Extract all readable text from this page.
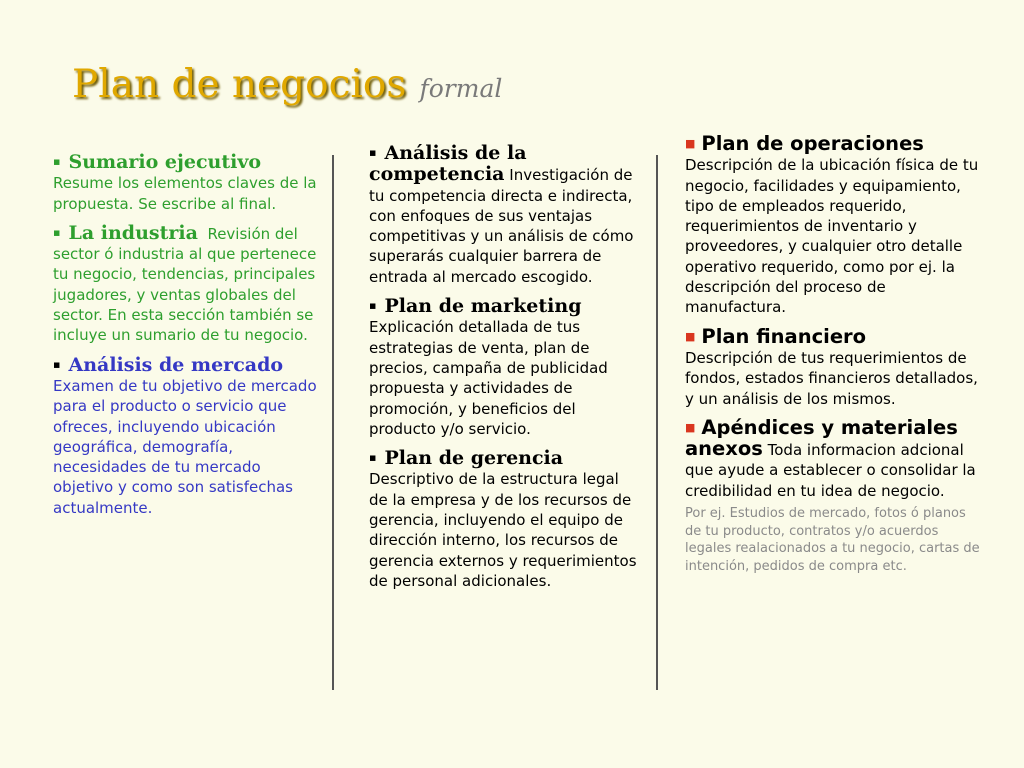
Plan de negocios formal
▪ Sumario ejecutivo
Resume los elementos claves de la propuesta. Se escribe al final.
▪ La industria Revisión del sector ó industria al que pertenece tu negocio, tendencias, principales jugadores, y ventas globales del sector. En esta sección también se incluye un sumario de tu negocio.
▪ Análisis de mercado
Examen de tu objetivo de mercado para el producto o servicio que ofreces, incluyendo ubicación geográfica, demografía, necesidades de tu mercado objetivo y como son satisfechas actualmente.
▪ Análisis de la competencia Investigación de tu competencia directa e indirecta, con enfoques de sus ventajas competitivas y un análisis de cómo superarás cualquier barrera de entrada al mercado escogido.
▪ Plan de marketing
Explicación detallada de tus estrategias de venta, plan de precios, campaña de publicidad propuesta y actividades de promoción, y beneficios del producto y/o servicio.
▪ Plan de gerencia
Descriptivo de la estructura legal de la empresa y de los recursos de gerencia, incluyendo el equipo de dirección interno, los recursos de gerencia externos y requerimientos de personal adicionales.
■ Plan de operaciones
Descripción de la ubicación física de tu negocio, facilidades y equipamiento, tipo de empleados requerido, requerimientos de inventario y proveedores, y cualquier otro detalle operativo requerido, como por ej. la descripción del proceso de manufactura.
■ Plan financiero
Descripción de tus requerimientos de fondos, estados financieros detallados, y un análisis de los mismos.
■ Apéndices y materiales anexos Toda informacion adcional que ayude a establecer o consolidar la credibilidad en tu idea de negocio.
Por ej. Estudios de mercado, fotos ó planos de tu producto, contratos y/o acuerdos legales realacionados a tu negocio, cartas de intención, pedidos de compra etc.
